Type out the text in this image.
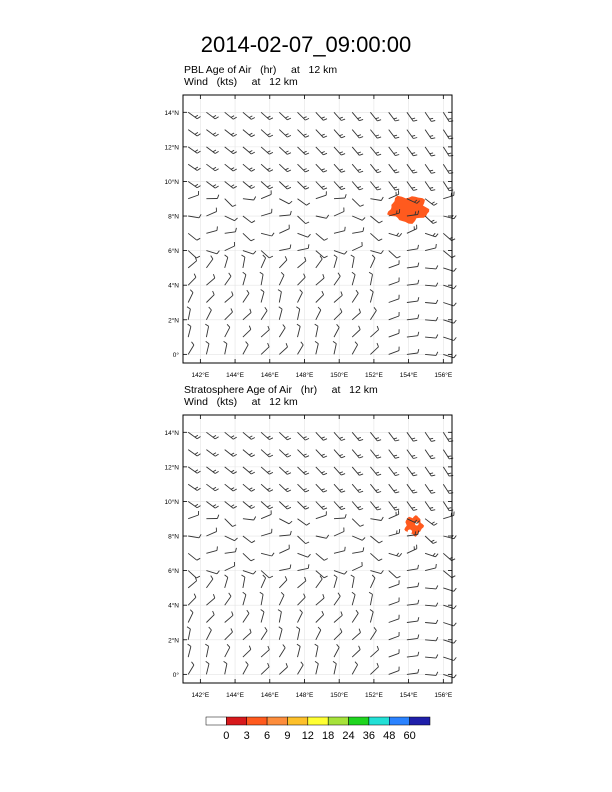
2014-02-07_09:00:00
PBL Age of Air   (hr)     at   12 km
Wind   (kts)     at   12 km
Stratosphere Age of Air   (hr)     at   12 km
Wind   (kts)     at   12 km
142°E	144°E	146°E	148°E	150°E	152°E	154°E	156°E
0°
2°N
4°N
6°N
8°N
10°N
12°N
14°N
142°E	144°E	146°E	148°E	150°E	152°E	154°E	156°E
0°
2°N
4°N
6°N
8°N
10°N
12°N
14°N
0 3 6 9 12 18 24 36 48 60
